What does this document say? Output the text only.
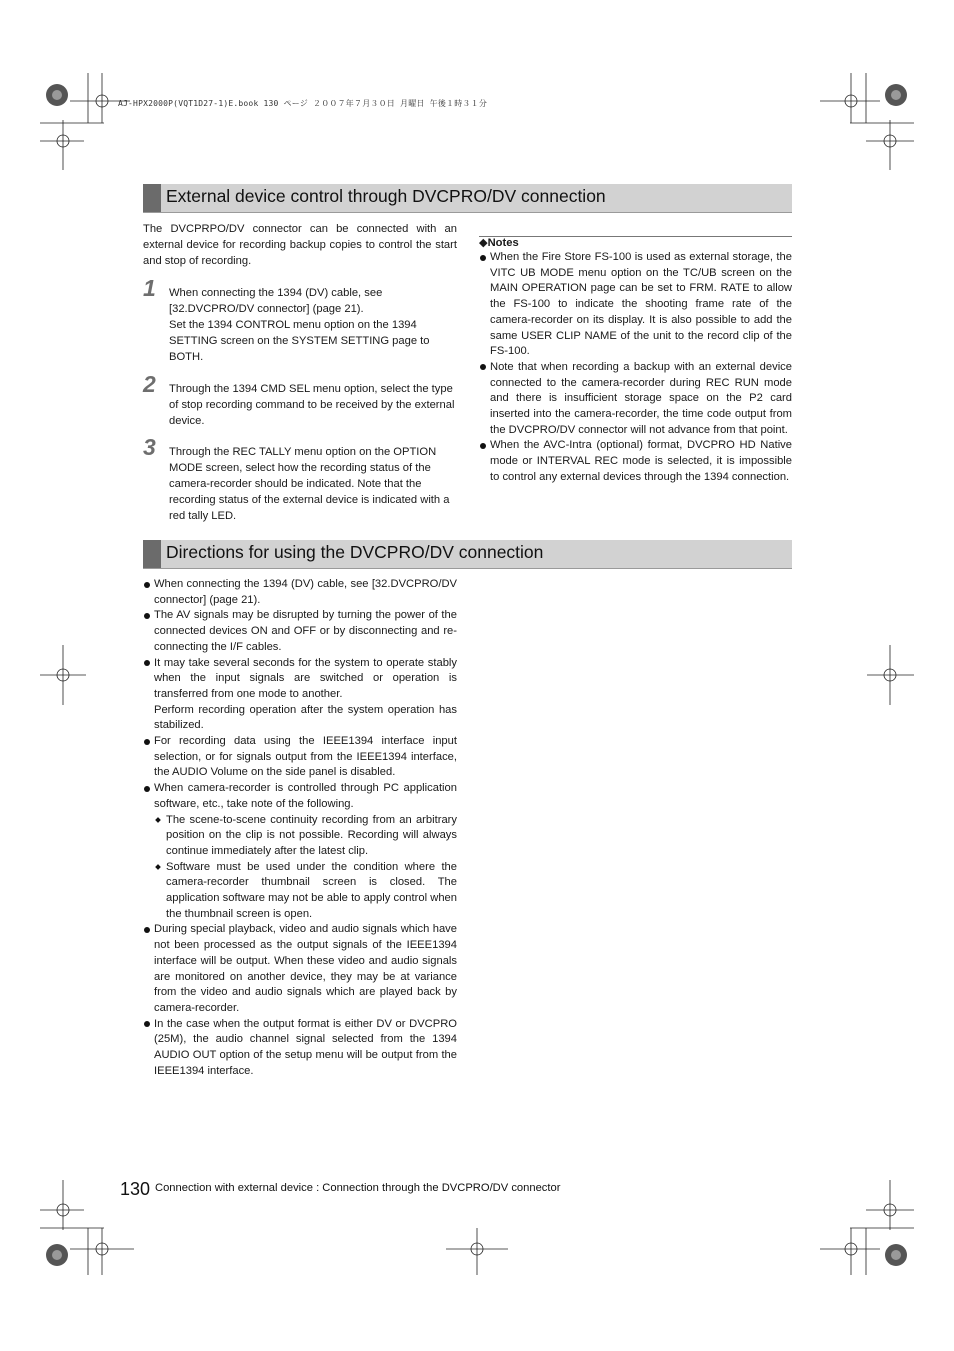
AJ-HPX2000P(VQT1D27-1)E.book 130 ページ ２００７年７月３０日 月曜日 午後１時３１分
External device control through DVCPRO/DV connection
The DVCPRPO/DV connector can be connected with an external device for recording backup copies to control the start and stop of recording.
1 When connecting the 1394 (DV) cable, see [32.DVCPRO/DV connector] (page 21).
Set the 1394 CONTROL menu option on the 1394 SETTING screen on the SYSTEM SETTING page to BOTH.
2 Through the 1394 CMD SEL menu option, select the type of stop recording command to be received by the external device.
3 Through the REC TALLY menu option on the OPTION MODE screen, select how the recording status of the camera-recorder should be indicated. Note that the recording status of the external device is indicated with a red tally LED.
◆Notes
When the Fire Store FS-100 is used as external storage, the VITC UB MODE menu option on the TC/UB screen on the MAIN OPERATION page can be set to FRM. RATE to allow the FS-100 to indicate the shooting frame rate of the camera-recorder on its display. It is also possible to add the same USER CLIP NAME of the unit to the record clip of the FS-100.
Note that when recording a backup with an external device connected to the camera-recorder during REC RUN mode and there is insufficient storage space on the P2 card inserted into the camera-recorder, the time code output from the DVCPRO/DV connector will not advance from that point.
When the AVC-Intra (optional) format, DVCPRO HD Native mode or INTERVAL REC mode is selected, it is impossible to control any external devices through the 1394 connection.
Directions for using the DVCPRO/DV connection
When connecting the 1394 (DV) cable, see [32.DVCPRO/DV connector] (page 21).
The AV signals may be disrupted by turning the power of the connected devices ON and OFF or by disconnecting and re-connecting the I/F cables.
It may take several seconds for the system to operate stably when the input signals are switched or operation is transferred from one mode to another.
Perform recording operation after the system operation has stabilized.
For recording data using the IEEE1394 interface input selection, or for signals output from the IEEE1394 interface, the AUDIO Volume on the side panel is disabled.
When camera-recorder is controlled through PC application software, etc., take note of the following.
The scene-to-scene continuity recording from an arbitrary position on the clip is not possible. Recording will always continue immediately after the latest clip.
Software must be used under the condition where the camera-recorder thumbnail screen is closed. The application software may not be able to apply control when the thumbnail screen is open.
During special playback, video and audio signals which have not been processed as the output signals of the IEEE1394 interface will be output. When these video and audio signals are monitored on another device, they may be at variance from the video and audio signals which are played back by camera-recorder.
In the case when the output format is either DV or DVCPRO (25M), the audio channel signal selected from the 1394 AUDIO OUT option of the setup menu will be output from the IEEE1394 interface.
130 Connection with external device : Connection through the DVCPRO/DV connector
